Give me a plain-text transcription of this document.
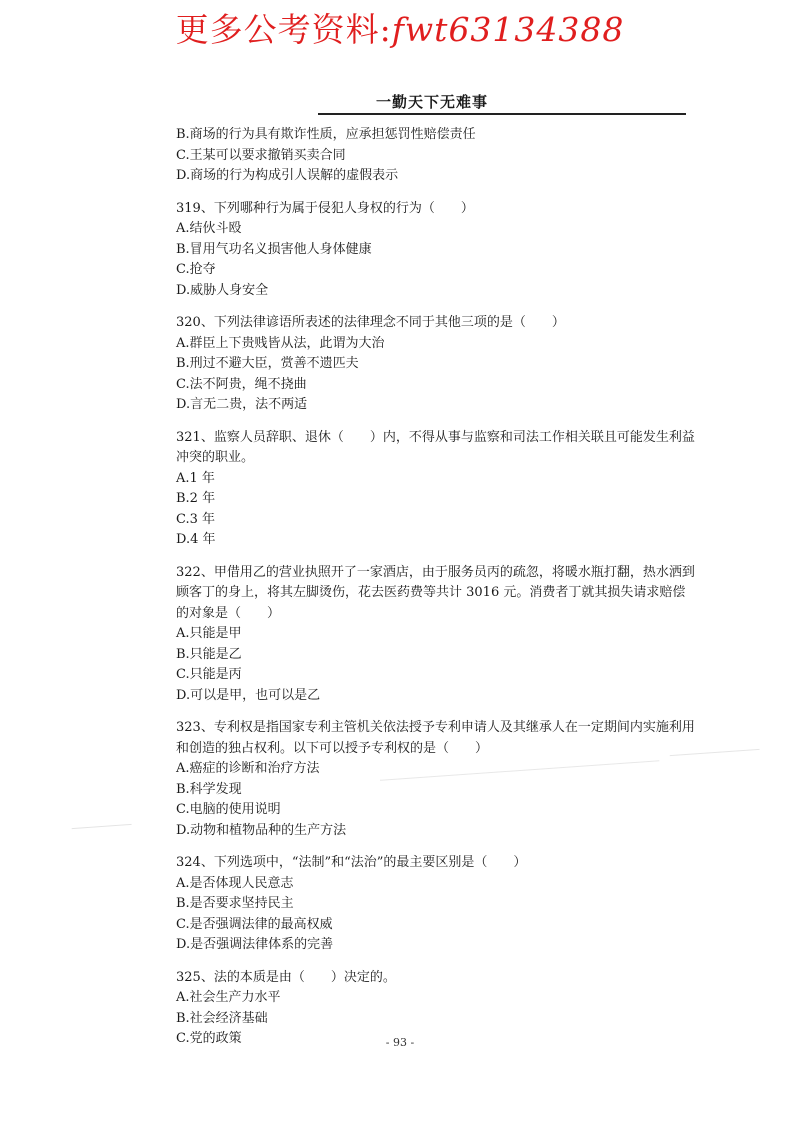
更多公考资料:fwt63134388
一勤天下无难事

B.商场的行为具有欺诈性质，应承担惩罚性赔偿责任

C.王某可以要求撤销买卖合同

D.商场的行为构成引人误解的虚假表示

319、下列哪种行为属于侵犯人身权的行为（　　）

A.结伙斗殴

B.冒用气功名义损害他人身体健康

C.抢夺

D.威胁人身安全

320、下列法律谚语所表述的法律理念不同于其他三项的是（　　）

A.群臣上下贵贱皆从法，此谓为大治

B.刑过不避大臣，赏善不遗匹夫

C.法不阿贵，绳不挠曲

D.言无二贵，法不两适

321、监察人员辞职、退休（　　）内，不得从事与监察和司法工作相关联且可能发生利益冲突的职业。

A.1 年

B.2 年

C.3 年

D.4 年

322、甲借用乙的营业执照开了一家酒店，由于服务员丙的疏忽，将暖水瓶打翻，热水洒到顾客丁的身上，将其左脚烫伤，花去医药费等共计 3016 元。消费者丁就其损失请求赔偿的对象是（　　）

A.只能是甲

B.只能是乙

C.只能是丙

D.可以是甲，也可以是乙

323、专利权是指国家专利主管机关依法授予专利申请人及其继承人在一定期间内实施利用和创造的独占权利。以下可以授予专利权的是（　　）

A.癌症的诊断和治疗方法

B.科学发现

C.电脑的使用说明

D.动物和植物品种的生产方法

324、下列选项中，“法制”和“法治”的最主要区别是（　　）

A.是否体现人民意志

B.是否要求坚持民主

C.是否强调法律的最高权威

D.是否强调法律体系的完善

325、法的本质是由（　　）决定的。

A.社会生产力水平

B.社会经济基础

C.党的政策	- 93 -
